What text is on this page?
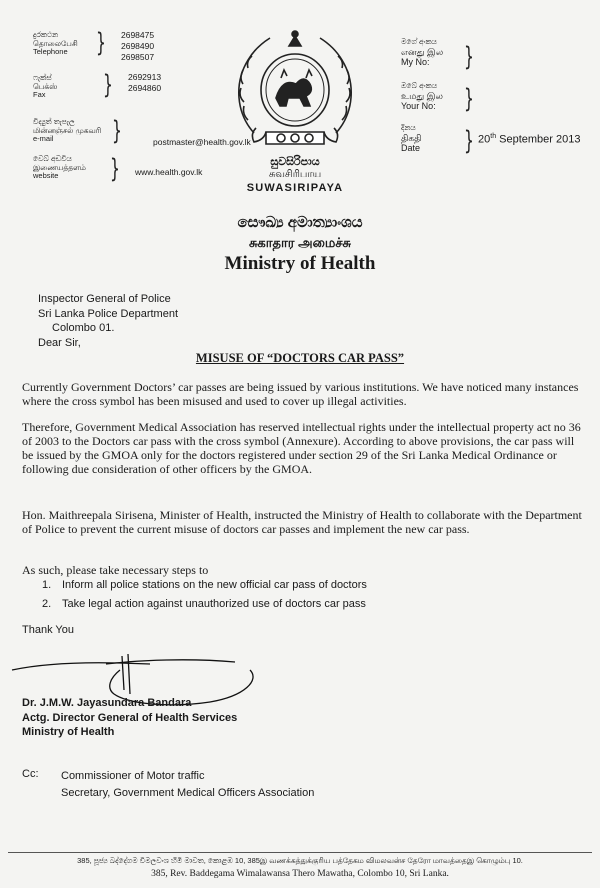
දුරකථන
தொலைபேசி
Telephone	} 2698475
2698490
2698507
ෆැක්ස්
பெக்ஸ்
Fax	} 2692913
2694860
විද්‍යුත් තැපැල
மின்னஞ்சல் முகவரி
e-mail	}	postmaster@health.gov.lk
වෙබ් අඩවිය
இணையத்தளம்
website	} www.health.gov.lk
සුවසිරිපාය
சுவசிரிபாய
SUWASIRIPAYA
මගේ අංකය
எனது இல
My No:	}
ඔබේ අංකය
உமது இல
Your No: }
දිනය
திகதி
Date } 20th September 2013
සෞඛ්‍ය අමාත්‍යාංශය
சுகாதார அமைச்சு
Ministry of Health
Inspector General of Police
Sri Lanka Police Department
Colombo 01.
Dear Sir,
MISUSE OF “DOCTORS CAR PASS”
Currently Government Doctors’ car passes are being issued by various institutions. We have noticed many instances where the cross symbol has been misused and used to cover up illegal activities.
Therefore, Government Medical Association has reserved intellectual rights under the intellectual property act no 36 of 2003 to the Doctors car pass with the cross symbol (Annexure). According to above provisions, the car pass will be issued by the GMOA only for the doctors registered under section 29 of the Sri Lanka Medical Ordinance or following due consideration of other officers by the GMOA.
Hon. Maithreepala Sirisena, Minister of Health, instructed the Ministry of Health to collaborate with the Department of Police to prevent the current misuse of doctors car passes and implement the new car pass.
As such, please take necessary steps to
1. Inform all police stations on the new official car pass of doctors
2. Take legal action against unauthorized use of doctors car pass
Thank You
Dr. J.M.W. Jayasundara Bandara
Actg. Director General of Health Services
Ministry of Health
Cc: Commissioner of Motor traffic
Secretary, Government Medical Officers Association
385, පූජ්‍ය බද්දේගම විමලවංශ හිමි මාවත, කොළඹ 10, 385இ வணக்கத்துக்குரிய பத்தேகம விமலவன்ச தேரோ மாவத்தைஇ கொழும்பு 10.
385, Rev. Baddegama Wimalawansa Thero Mawatha, Colombo 10, Sri Lanka.
